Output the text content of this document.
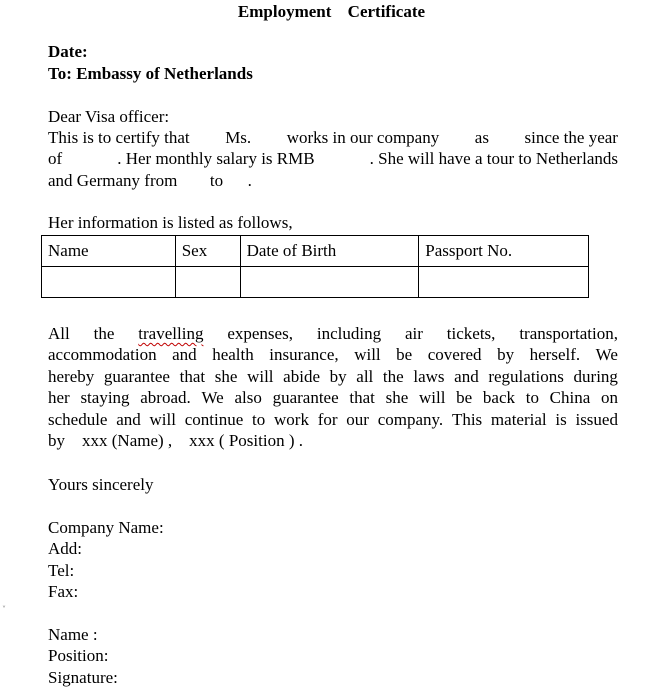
Employment Certificate
Date:
To: Embassy of Netherlands
Dear Visa officer:
This is to certify that Ms. works in our company as since the year
of	. Her monthly salary is RMB	. She will have a tour to Netherlands
and Germany from to .
Her information is listed as follows,
Name	Sex	Date of Birth	Passport No.

All the travelling expenses, including air tickets, transportation,
accommodation and health insurance, will be covered by herself. We
hereby guarantee that she will abide by all the laws and regulations during
her staying abroad. We also guarantee that she will be back to China on
schedule and will continue to work for our company. This material is issued
by    xxx (Name) ,    xxx ( Position ) .
Yours sincerely
Company Name:
Add:
Tel:
Fax:
˅
Name :
Position:
Signature:
